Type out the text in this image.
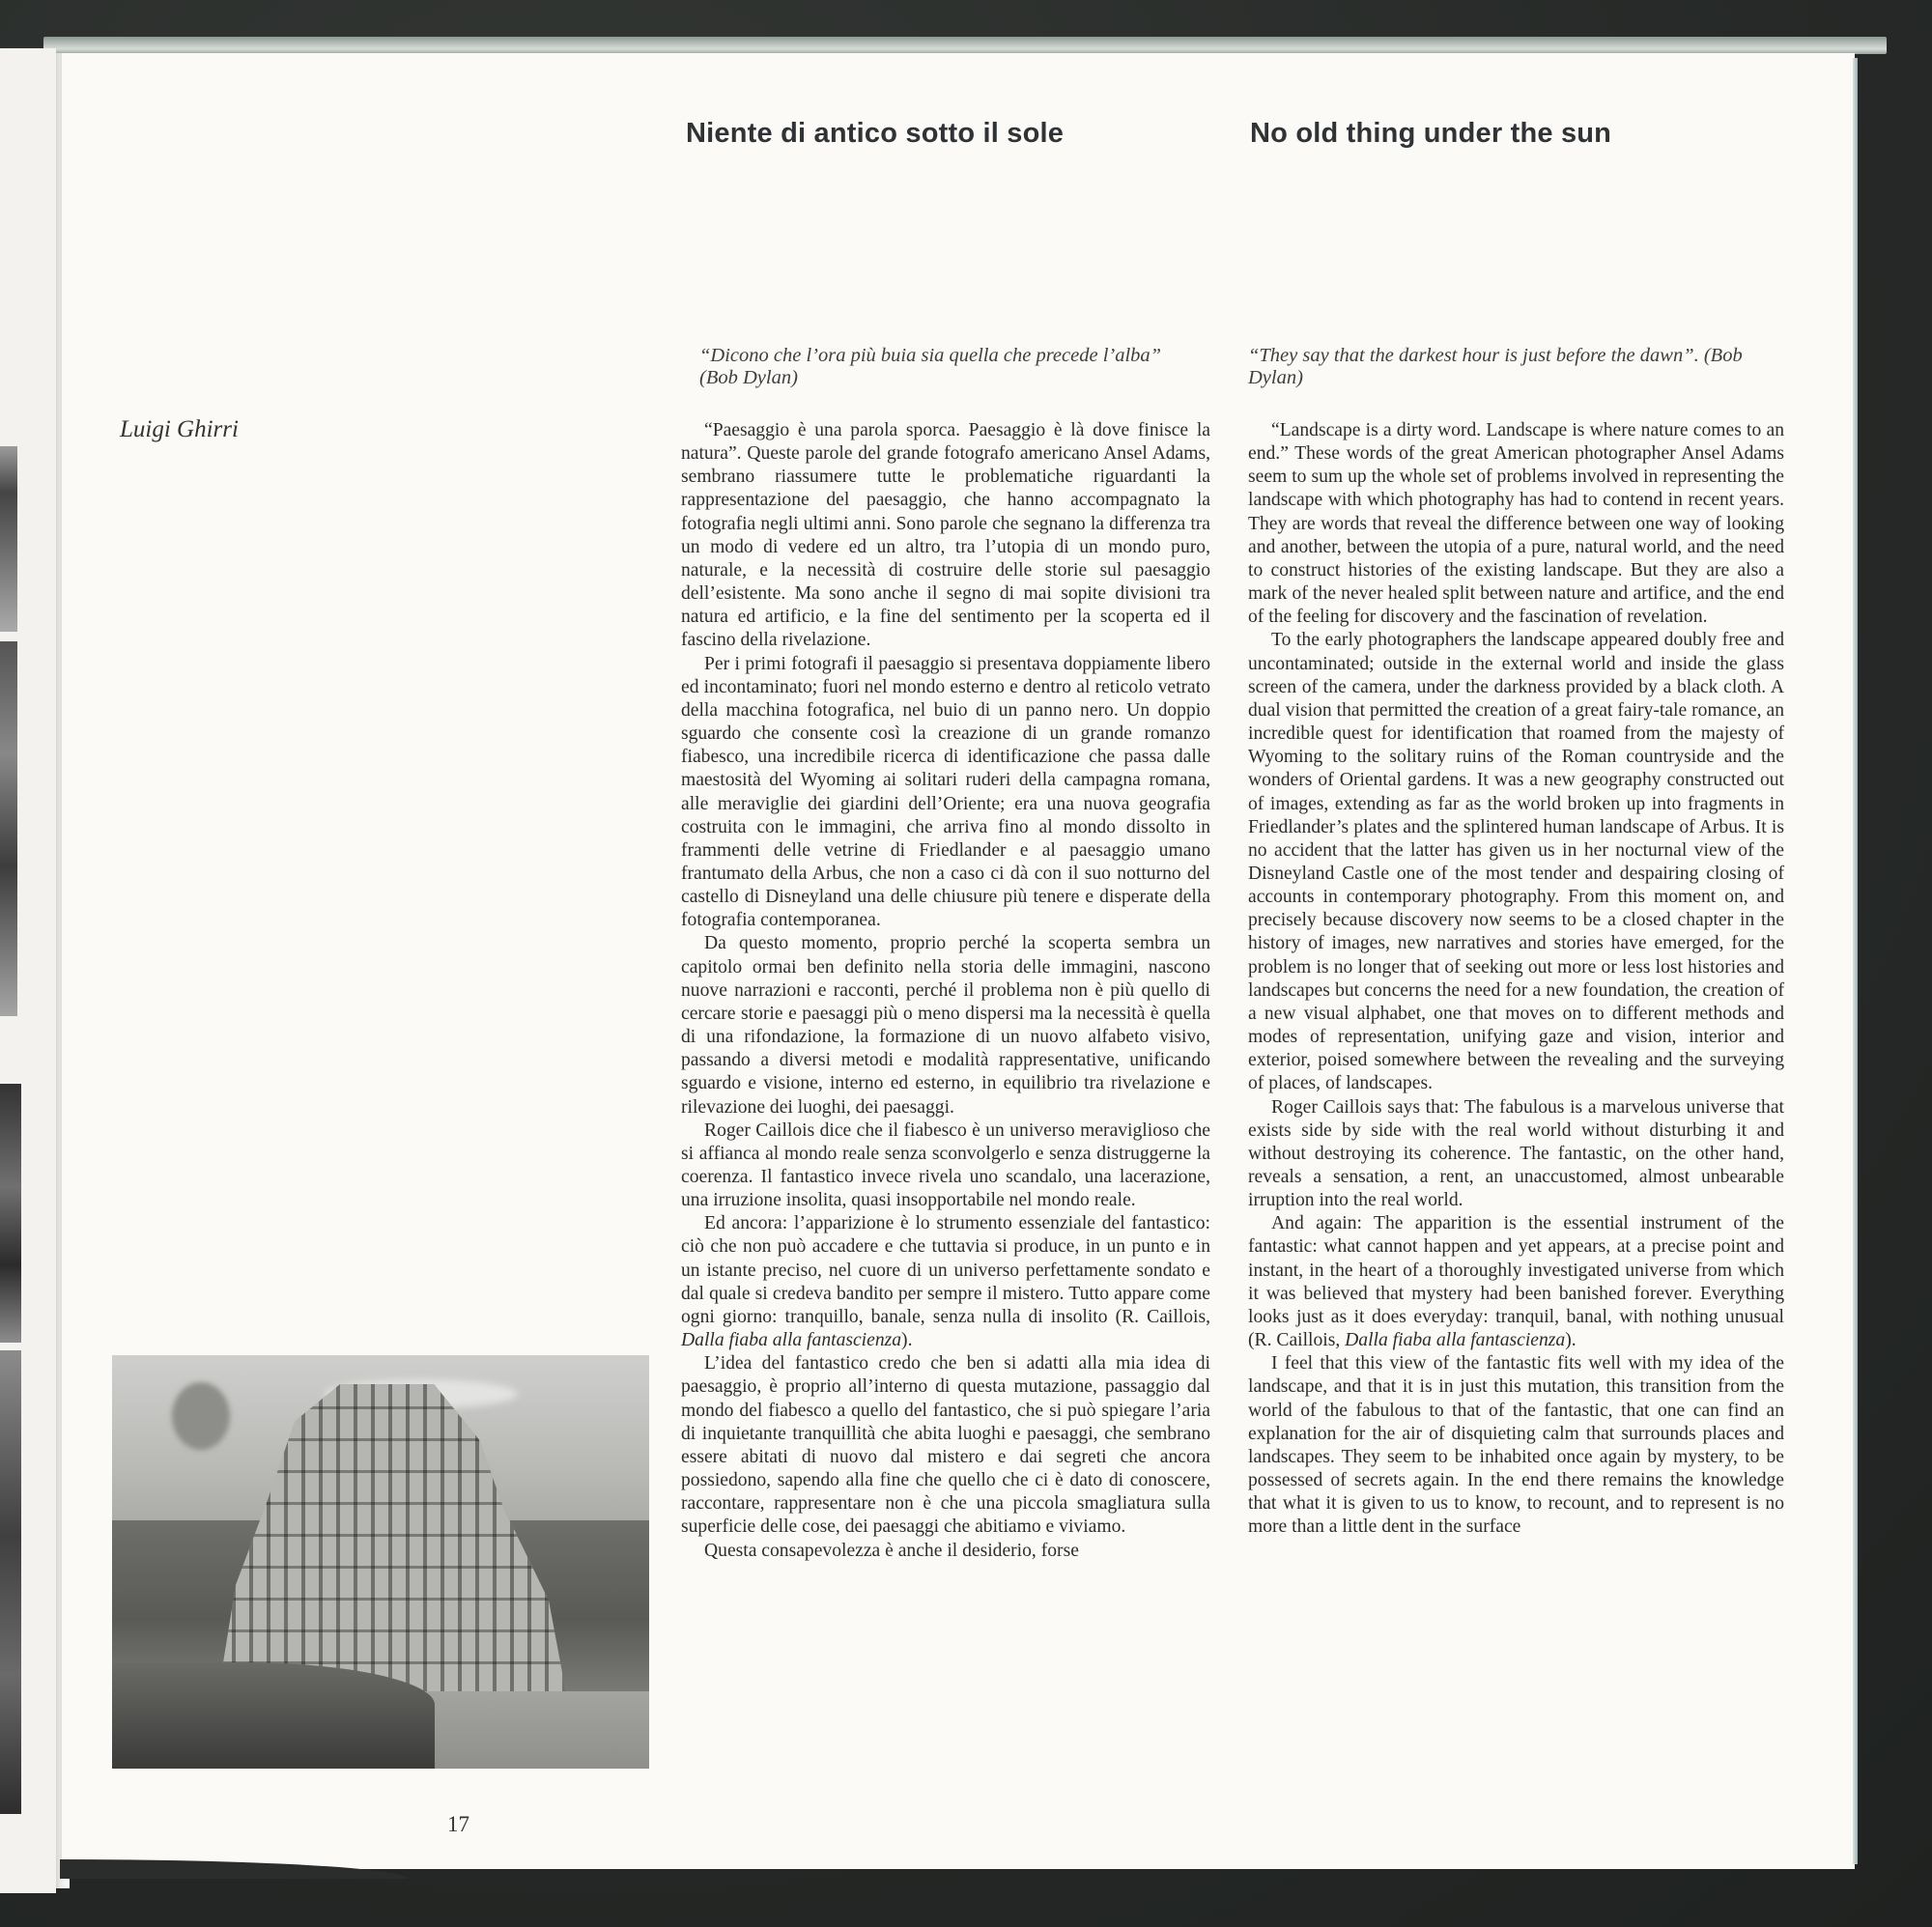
Niente di antico sotto il sole	No old thing under the sun
“Dicono che l’ora più buia sia quella che precede l’alba” (Bob Dylan)
“They say that the darkest hour is just before the dawn”. (Bob Dylan)
Luigi Ghirri	“Paesaggio è una parola sporca. Paesaggio è là dove finisce la natura”. Queste parole del grande fotografo americano Ansel Adams, sembrano riassumere tutte le problematiche riguardanti la rappresentazione del paesaggio, che hanno accompagnato la fotografia negli ultimi anni. Sono parole che segnano la differenza tra un modo di vedere ed un altro, tra l’utopia di un mondo puro, naturale, e la necessità di costruire delle storie sul paesaggio dell’esistente. Ma sono anche il segno di mai sopite divisioni tra natura ed artificio, e la fine del sentimento per la scoperta ed il fascino della rivelazione.

Per i primi fotografi il paesaggio si presentava doppiamente libero ed incontaminato; fuori nel mondo esterno e dentro al reticolo vetrato della macchina fotografica, nel buio di un panno nero. Un doppio sguardo che consente così la creazione di un grande romanzo fiabesco, una incredibile ricerca di identificazione che passa dalle maestosità del Wyoming ai solitari ruderi della campagna romana, alle meraviglie dei giardini dell’Oriente; era una nuova geografia costruita con le immagini, che arriva fino al mondo dissolto in frammenti delle vetrine di Friedlander e al paesaggio umano frantumato della Arbus, che non a caso ci dà con il suo notturno del castello di Disneyland una delle chiusure più tenere e disperate della fotografia contemporanea.

Da questo momento, proprio perché la scoperta sembra un capitolo ormai ben definito nella storia delle immagini, nascono nuove narrazioni e racconti, perché il problema non è più quello di cercare storie e paesaggi più o meno dispersi ma la necessità è quella di una rifondazione, la formazione di un nuovo alfabeto visivo, passando a diversi metodi e modalità rappresentative, unificando sguardo e visione, interno ed esterno, in equilibrio tra rivelazione e rilevazione dei luoghi, dei paesaggi.

Roger Caillois dice che il fiabesco è un universo meraviglioso che si affianca al mondo reale senza sconvolgerlo e senza distruggerne la coerenza. Il fantastico invece rivela uno scandalo, una lacerazione, una irruzione insolita, quasi insopportabile nel mondo reale.

Ed ancora: l’apparizione è lo strumento essenziale del fantastico: ciò che non può accadere e che tuttavia si produce, in un punto e in un istante preciso, nel cuore di un universo perfettamente sondato e dal quale si credeva bandito per sempre il mistero. Tutto appare come ogni giorno: tranquillo, banale, senza nulla di insolito (R. Caillois, Dalla fiaba alla fantascienza).

L’idea del fantastico credo che ben si adatti alla mia idea di paesaggio, è proprio all’interno di questa mutazione, passaggio dal mondo del fiabesco a quello del fantastico, che si può spiegare l’aria di inquietante tranquillità che abita luoghi e paesaggi, che sembrano essere abitati di nuovo dal mistero e dai segreti che ancora possiedono, sapendo alla fine che quello che ci è dato di conoscere, raccontare, rappresentare non è che una piccola smagliatura sulla superficie delle cose, dei paesaggi che abitiamo e viviamo.

Questa consapevolezza è anche il desiderio, forse

“Landscape is a dirty word. Landscape is where nature comes to an end.” These words of the great American photographer Ansel Adams seem to sum up the whole set of problems involved in representing the landscape with which photography has had to contend in recent years. They are words that reveal the difference between one way of looking and another, between the utopia of a pure, natural world, and the need to construct histories of the existing landscape. But they are also a mark of the never healed split between nature and artifice, and the end of the feeling for discovery and the fascination of revelation.

To the early photographers the landscape appeared doubly free and uncontaminated; outside in the external world and inside the glass screen of the camera, under the darkness provided by a black cloth. A dual vision that permitted the creation of a great fairy-tale romance, an incredible quest for identification that roamed from the majesty of Wyoming to the solitary ruins of the Roman countryside and the wonders of Oriental gardens. It was a new geography constructed out of images, extending as far as the world broken up into fragments in Friedlander’s plates and the splintered human landscape of Arbus. It is no accident that the latter has given us in her nocturnal view of the Disneyland Castle one of the most tender and despairing closing of accounts in contemporary photography. From this moment on, and precisely because discovery now seems to be a closed chapter in the history of images, new narratives and stories have emerged, for the problem is no longer that of seeking out more or less lost histories and landscapes but concerns the need for a new foundation, the creation of a new visual alphabet, one that moves on to different methods and modes of representation, unifying gaze and vision, interior and exterior, poised somewhere between the revealing and the surveying of places, of landscapes.

Roger Caillois says that: The fabulous is a marvelous universe that exists side by side with the real world without disturbing it and without destroying its coherence. The fantastic, on the other hand, reveals a sensation, a rent, an unaccustomed, almost unbearable irruption into the real world.

And again: The apparition is the essential instrument of the fantastic: what cannot happen and yet appears, at a precise point and instant, in the heart of a thoroughly investigated universe from which it was believed that mystery had been banished forever. Everything looks just as it does everyday: tranquil, banal, with nothing unusual (R. Caillois, Dalla fiaba alla fantascienza).

I feel that this view of the fantastic fits well with my idea of the landscape, and that it is in just this mutation, this transition from the world of the fabulous to that of the fantastic, that one can find an explanation for the air of disquieting calm that surrounds places and landscapes. They seem to be inhabited once again by mystery, to be possessed of secrets again. In the end there remains the knowledge that what it is given to us to know, to recount, and to represent is no more than a little dent in the surface

17
